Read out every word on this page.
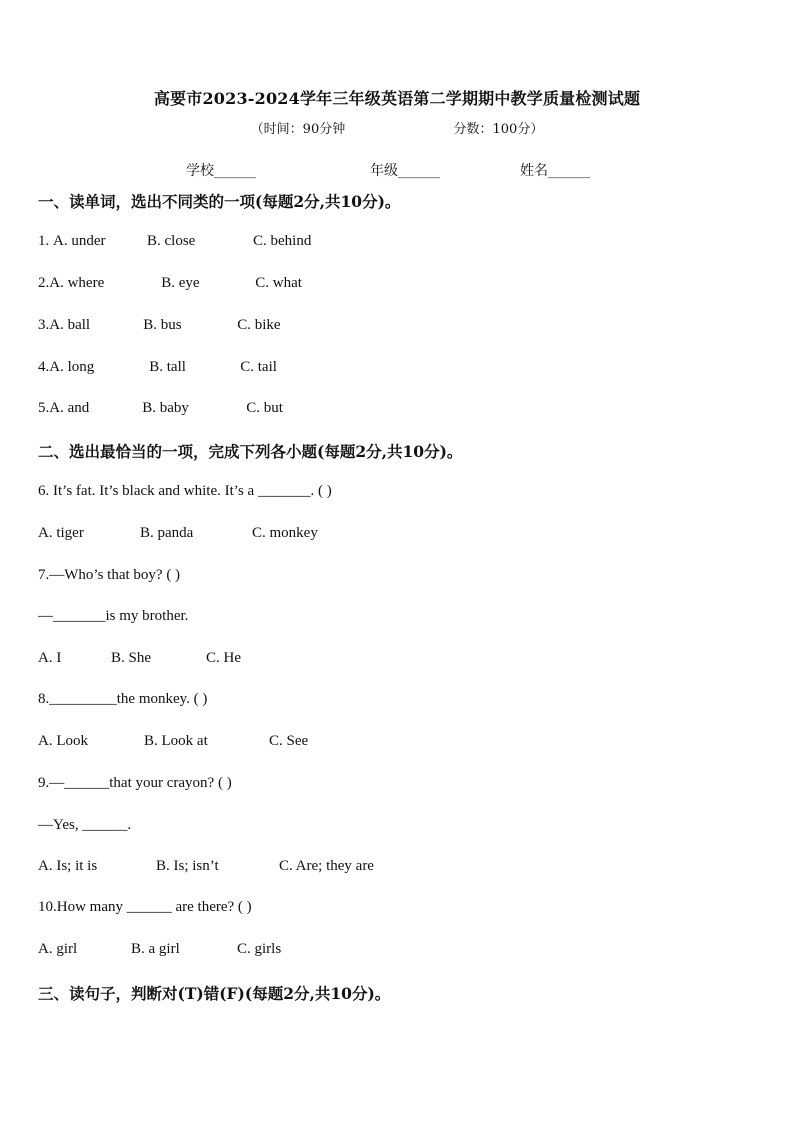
高要市2023-2024学年三年级英语第二学期期中教学质量检测试题
（时间：90分钟	分数：100分）
学校______	年级______	姓名______
一、读单词，选出不同类的一项(每题2分,共10分)。
1. A. under	B. close	C. behind
2.A. where	B. eye	C. what
3.A. ball	B. bus	C. bike
4.A. long	B. tall	C. tail
5.A. and	B. baby	C. but
二、选出最恰当的一项，完成下列各小题(每题2分,共10分)。
6. It’s fat. It’s black and white. It’s a _______. ( )
A. tiger	B. panda	C. monkey
7.—Who’s that boy? ( )
—_______is my brother.
A. I	B. She	C. He
8._________the monkey. ( )
A. Look	B. Look at	C. See
9.—______that your crayon? ( )
—Yes, ______.
A. Is; it is	B. Is; isn’t	C. Are; they are
10.How many ______ are there? ( )
A. girl	B. a girl	C. girls
三、读句子，判断对(T)错(F)(每题2分,共10分)。
